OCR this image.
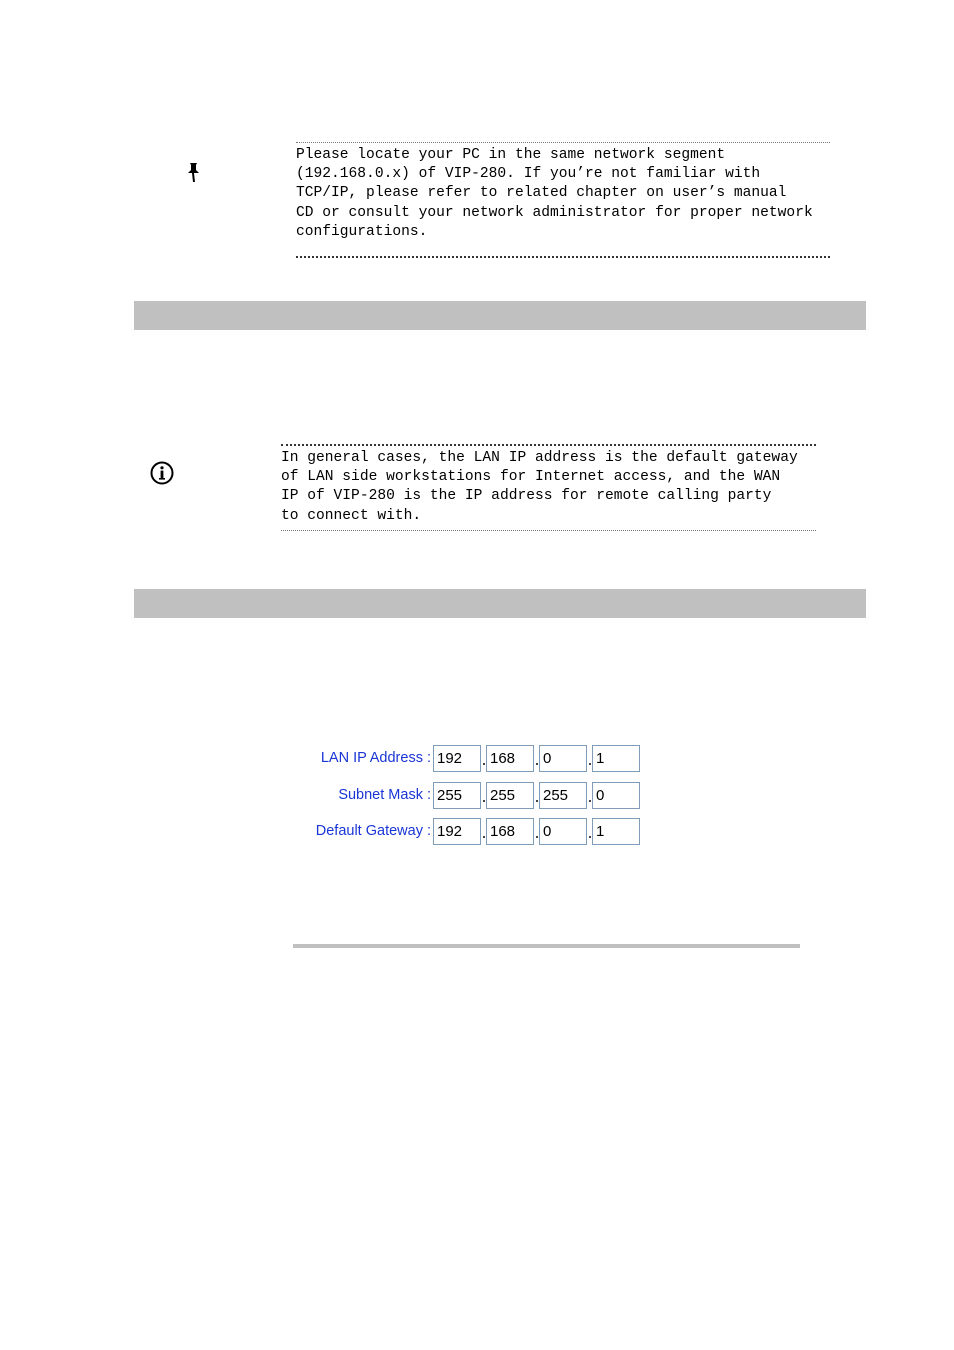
Please locate your PC in the same network segment
(192.168.0.x) of VIP-280. If you’re not familiar with
TCP/IP, please refer to related chapter on user’s manual
CD or consult your network administrator for proper network
configurations.
In general cases, the LAN IP address is the default gateway
of LAN side workstations for Internet access, and the WAN
IP of VIP-280 is the IP address for remote calling party
to connect with.
LAN IP Address : 192	168	0	1
Subnet Mask : 255	255	255	0
Default Gateway : 192	168	0	1
